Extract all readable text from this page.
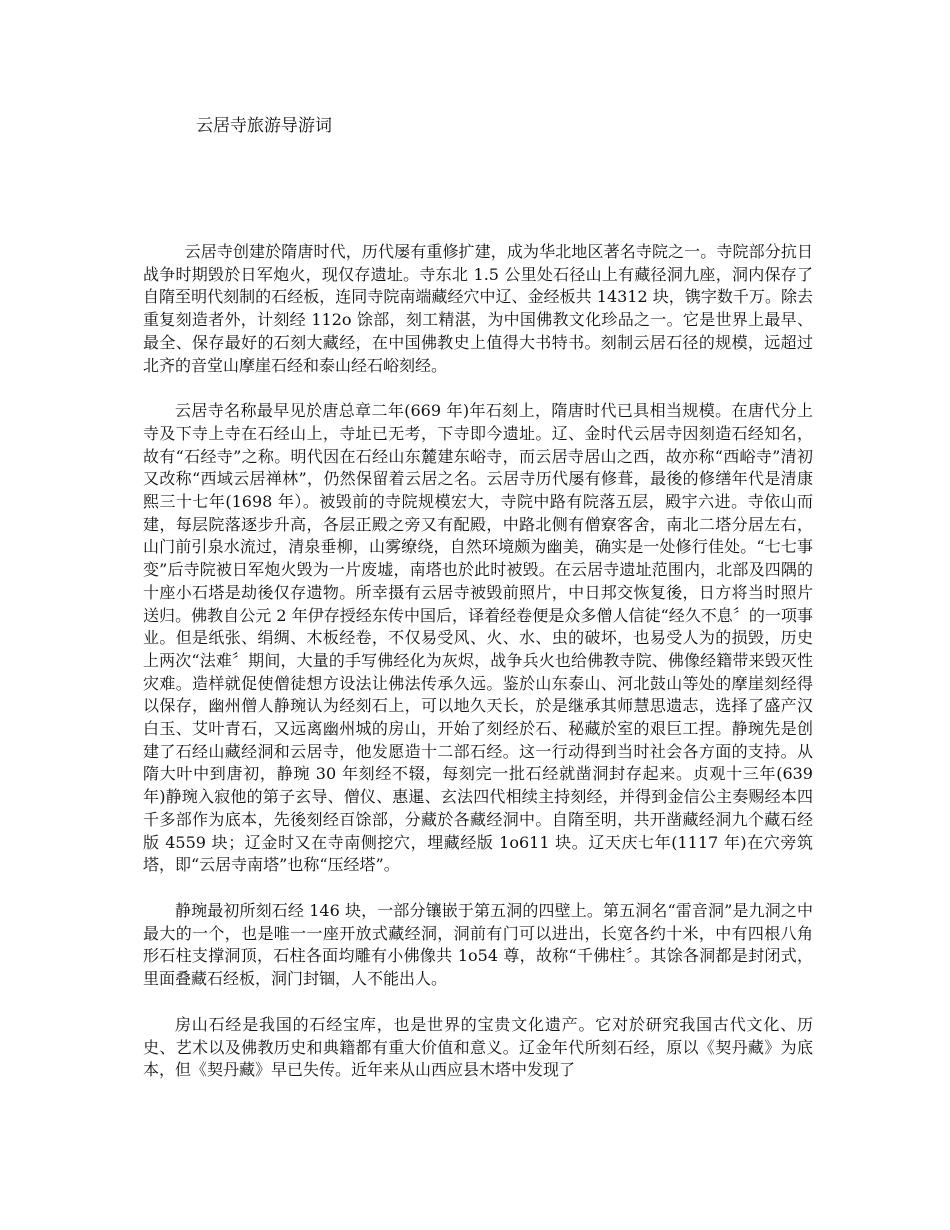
云居寺旅游导游词

云居寺创建於隋唐时代，历代屡有重修扩建，成为华北地区著名寺院之一。寺院部分抗日战争时期毁於日军炮火，现仅存遗址。寺东北 1.5 公里处石径山上有藏径洞九座，洞内保存了自隋至明代刻制的石经板，连同寺院南端藏经穴中辽、金经板共 14312 块，镌字数千万。除去重复刻造者外，计刻经 112o 馀部，刻工精湛，为中国佛教文化珍品之一。它是世界上最早、最全、保存最好的石刻大藏经，在中国佛教史上值得大书特书。刻制云居石径的规模，远超过北齐的音堂山摩崖石经和泰山经石峪刻经。

云居寺名称最早见於唐总章二年(669 年)年石刻上，隋唐时代已具相当规模。在唐代分上寺及下寺上寺在石经山上，寺址已无考，下寺即今遗址。辽、金时代云居寺因刻造石经知名，故有“石经寺”之称。明代因在石经山东麓建东峪寺，而云居寺居山之西，故亦称“西峪寺”清初又改称“西域云居禅林”，仍然保留着云居之名。云居寺历代屡有修葺，最後的修缮年代是清康熙三十七年(1698 年）。被毁前的寺院规模宏大，寺院中路有院落五层，殿宇六进。寺依山而建，每层院落逐步升高，各层正殿之旁又有配殿，中路北侧有僧寮客舍，南北二塔分居左右，山门前引泉水流过，清泉垂柳，山雾缭绕，自然环境颇为幽美，确实是一处修行佳处。“七七事变”后寺院被日军炮火毁为一片废墟，南塔也於此时被毁。在云居寺遗址范围内，北部及四隅的十座小石塔是劫後仅存遗物。所幸摄有云居寺被毁前照片，中日邦交恢复後，日方将当时照片送归。佛教自公元 2 年伊存授经东传中国后，译着经卷便是众多僧人信徒“经久不息〞的一项事业。但是纸张、绢绸、木板经卷，不仅易受风、火、水、虫的破坏，也易受人为的损毁，历史上两次“法难〞期间，大量的手写佛经化为灰烬，战争兵火也给佛教寺院、佛像经籍带来毁灭性灾难。造样就促使僧徒想方设法让佛法传承久远。鉴於山东泰山、河北鼓山等处的摩崖刻经得以保存，幽州僧人静琬认为经刻石上，可以地久天长，於是继承其师慧思遗志，选择了盛产汉白玉、艾叶青石，又远离幽州城的房山，开始了刻经於石、秘藏於室的艰巨工捏。静琬先是创建了石经山藏经洞和云居寺，他发愿造十二部石经。这一行动得到当时社会各方面的支持。从隋大叶中到唐初，静琬 30 年刻经不辍，每刻完一批石经就凿洞封存起来。贞观十三年(639 年)静琬入寂他的第子玄导、僧仪、惠暹、玄法四代相续主持刻经，并得到金信公主奏赐经本四千多部作为底本，先後刻经百馀部，分藏於各藏经洞中。自隋至明，共开凿藏经洞九个藏石经版 4559 块；辽金时又在寺南侧挖穴，埋藏经版 1o611 块。辽天庆七年(1117 年)在穴旁筑塔，即“云居寺南塔”也称“压经塔”。

静琬最初所刻石经 146 块，一部分镶嵌于第五洞的四壁上。第五洞名“雷音洞”是九洞之中最大的一个，也是唯一一座开放式藏经洞，洞前有门可以进出，长宽各约十米，中有四根八角形石柱支撑洞顶，石柱各面均雕有小佛像共 1o54 尊，故称“千佛柱〞。其馀各洞都是封闭式，里面叠藏石经板，洞门封锢，人不能出人。

房山石经是我国的石经宝库，也是世界的宝贵文化遗产。它对於研究我国古代文化、历史、艺术以及佛教历史和典籍都有重大价值和意义。辽金年代所刻石经，原以《契丹藏》为底本，但《契丹藏》早已失传。近年来从山西应县木塔中发现了
